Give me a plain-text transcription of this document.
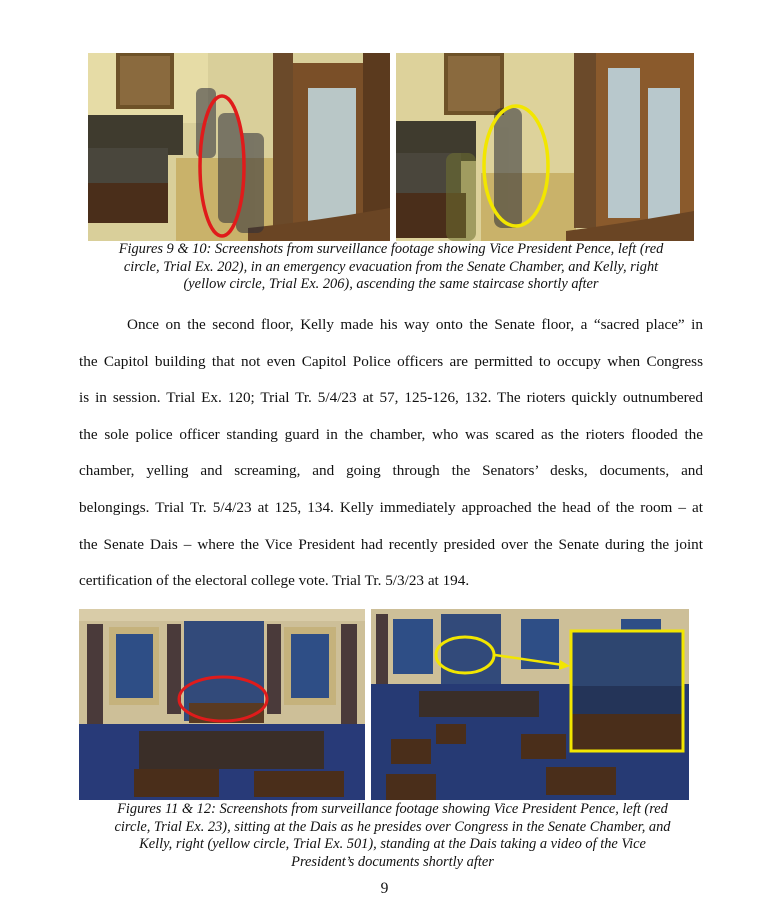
Figures 9 & 10: Screenshots from surveillance footage showing Vice President Pence, left (red
circle, Trial Ex. 202), in an emergency evacuation from the Senate Chamber, and Kelly, right
(yellow circle, Trial Ex. 206), ascending the same staircase shortly after
Once on the second floor, Kelly made his way onto the Senate floor, a “sacred place” in
the Capitol building that not even Capitol Police officers are permitted to occupy when Congress
is in session. Trial Ex. 120; Trial Tr. 5/4/23 at 57, 125-126, 132. The rioters quickly outnumbered
the sole police officer standing guard in the chamber, who was scared as the rioters flooded the
chamber, yelling and screaming, and going through the Senators’ desks, documents, and
belongings. Trial Tr. 5/4/23 at 125, 134. Kelly immediately approached the head of the room – at
the Senate Dais – where the Vice President had recently presided over the Senate during the joint
certification of the electoral college vote. Trial Tr. 5/3/23 at 194.
Figures 11 & 12: Screenshots from surveillance footage showing Vice President Pence, left (red
circle, Trial Ex. 23), sitting at the Dais as he presides over Congress in the Senate Chamber, and
Kelly, right (yellow circle, Trial Ex. 501), standing at the Dais taking a video of the Vice
President’s documents shortly after
9
